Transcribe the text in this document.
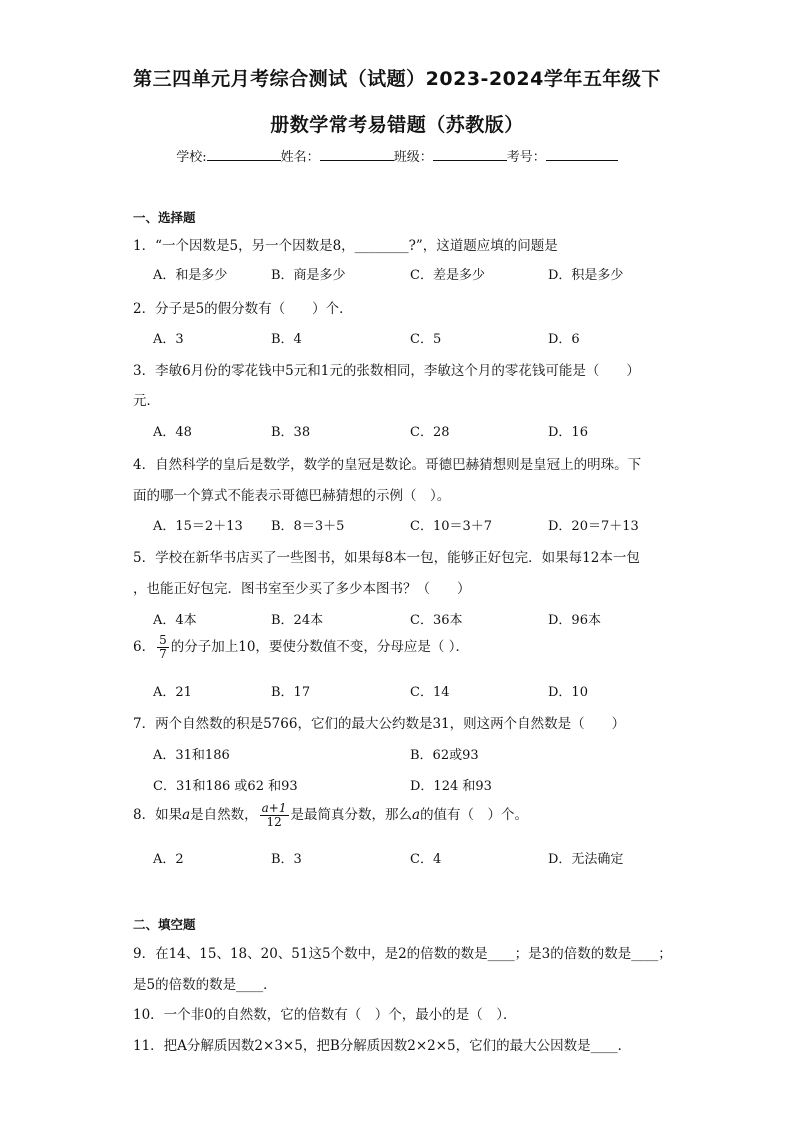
第三四单元月考综合测试（试题）2023-2024学年五年级下
册数学常考易错题（苏教版）
学校:	姓名：	班级：	考号：
一、选择题
1．“一个因数是5，另一个因数是8，________?”，这道题应填的问题是
A．和是多少	B．商是多少	C．差是多少	D．积是多少
2．分子是5的假分数有（　　）个．
A．3	B．4	C．5	D．6
3．李敏6月份的零花钱中5元和1元的张数相同，李敏这个月的零花钱可能是（　　）
元．
A．48	B．38	C．28	D．16
4．自然科学的皇后是数学，数学的皇冠是数论。哥德巴赫猜想则是皇冠上的明珠。下
面的哪一个算式不能表示哥德巴赫猜想的示例（　）。
A．15＝2＋13 B．8＝3＋5	C．10＝3＋7	D．20＝7＋13
5．学校在新华书店买了一些图书，如果每8本一包，能够正好包完．如果每12本一包
，也能正好包完．图书室至少买了多少本图书？（　　）
A．4本	B．24本	C．36本	D．96本
6． $\frac{5}{7}$ 的分子加上10，要使分数值不变，分母应是（ ）．
A．21	B．17	C．14	D．10
7．两个自然数的积是5766，它们的最大公约数是31，则这两个自然数是（　　）
A．31和186	B．62或93
C．31和186 或62 和93	D．124 和93
8．如果a是自然数， $\frac{a+1}{12}$ 是最简真分数，那么a的值有（　）个。
A．2	B．3	C．4	D．无法确定
二、填空题
9．在14、15、18、20、51这5个数中，是2的倍数的数是____；是3的倍数的数是____；
是5的倍数的数是____．
10．一个非0的自然数，它的倍数有（　）个，最小的是（　）．
11．把A分解质因数2×3×5，把B分解质因数2×2×5，它们的最大公因数是____．
